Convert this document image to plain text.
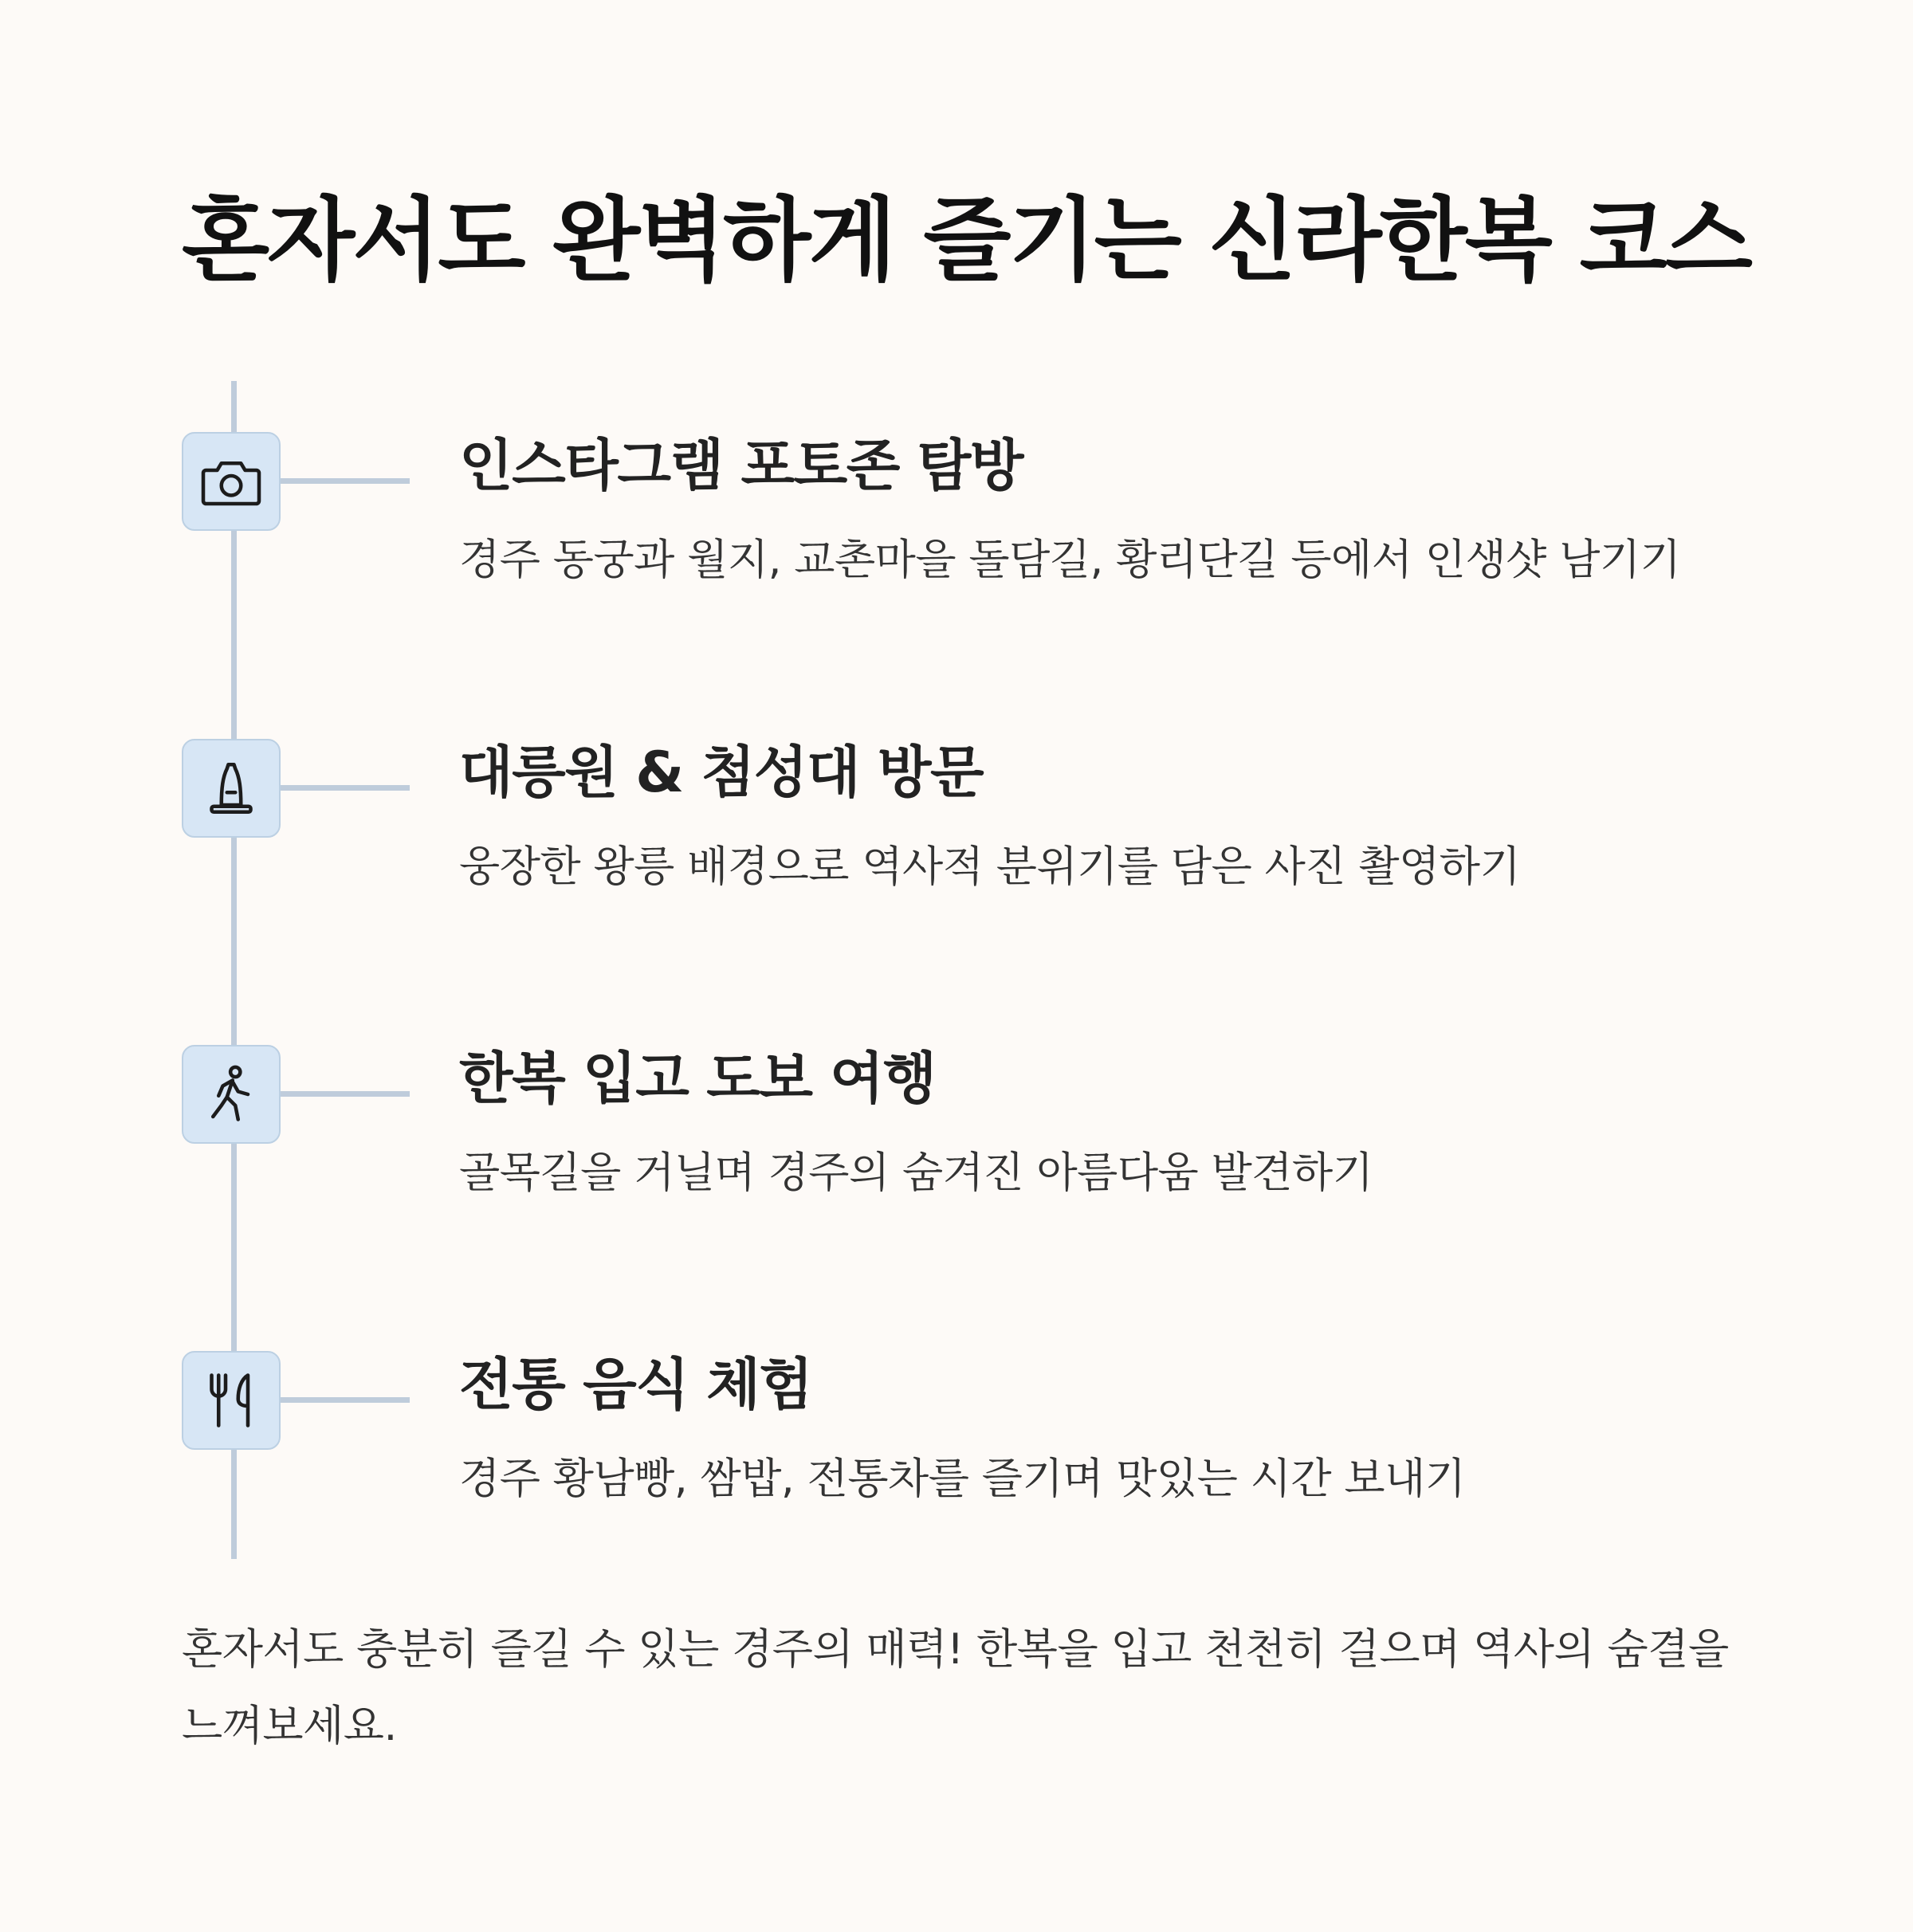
혼자서도 완벽하게 즐기는 신라한복 코스
인스타그램 포토존 탐방

경주 동궁과 월지, 교촌마을 돌담길, 황리단길 등에서 인생샷 남기기

대릉원 & 첨성대 방문

웅장한 왕릉 배경으로 역사적 분위기를 담은 사진 촬영하기

한복 입고 도보 여행

골목길을 거닐며 경주의 숨겨진 아름다움 발견하기

전통 음식 체험

경주 황남빵, 쌈밥, 전통차를 즐기며 맛있는 시간 보내기

혼자서도 충분히 즐길 수 있는 경주의 매력! 한복을 입고 천천히 걸으며 역사의 숨결을 느껴보세요.
